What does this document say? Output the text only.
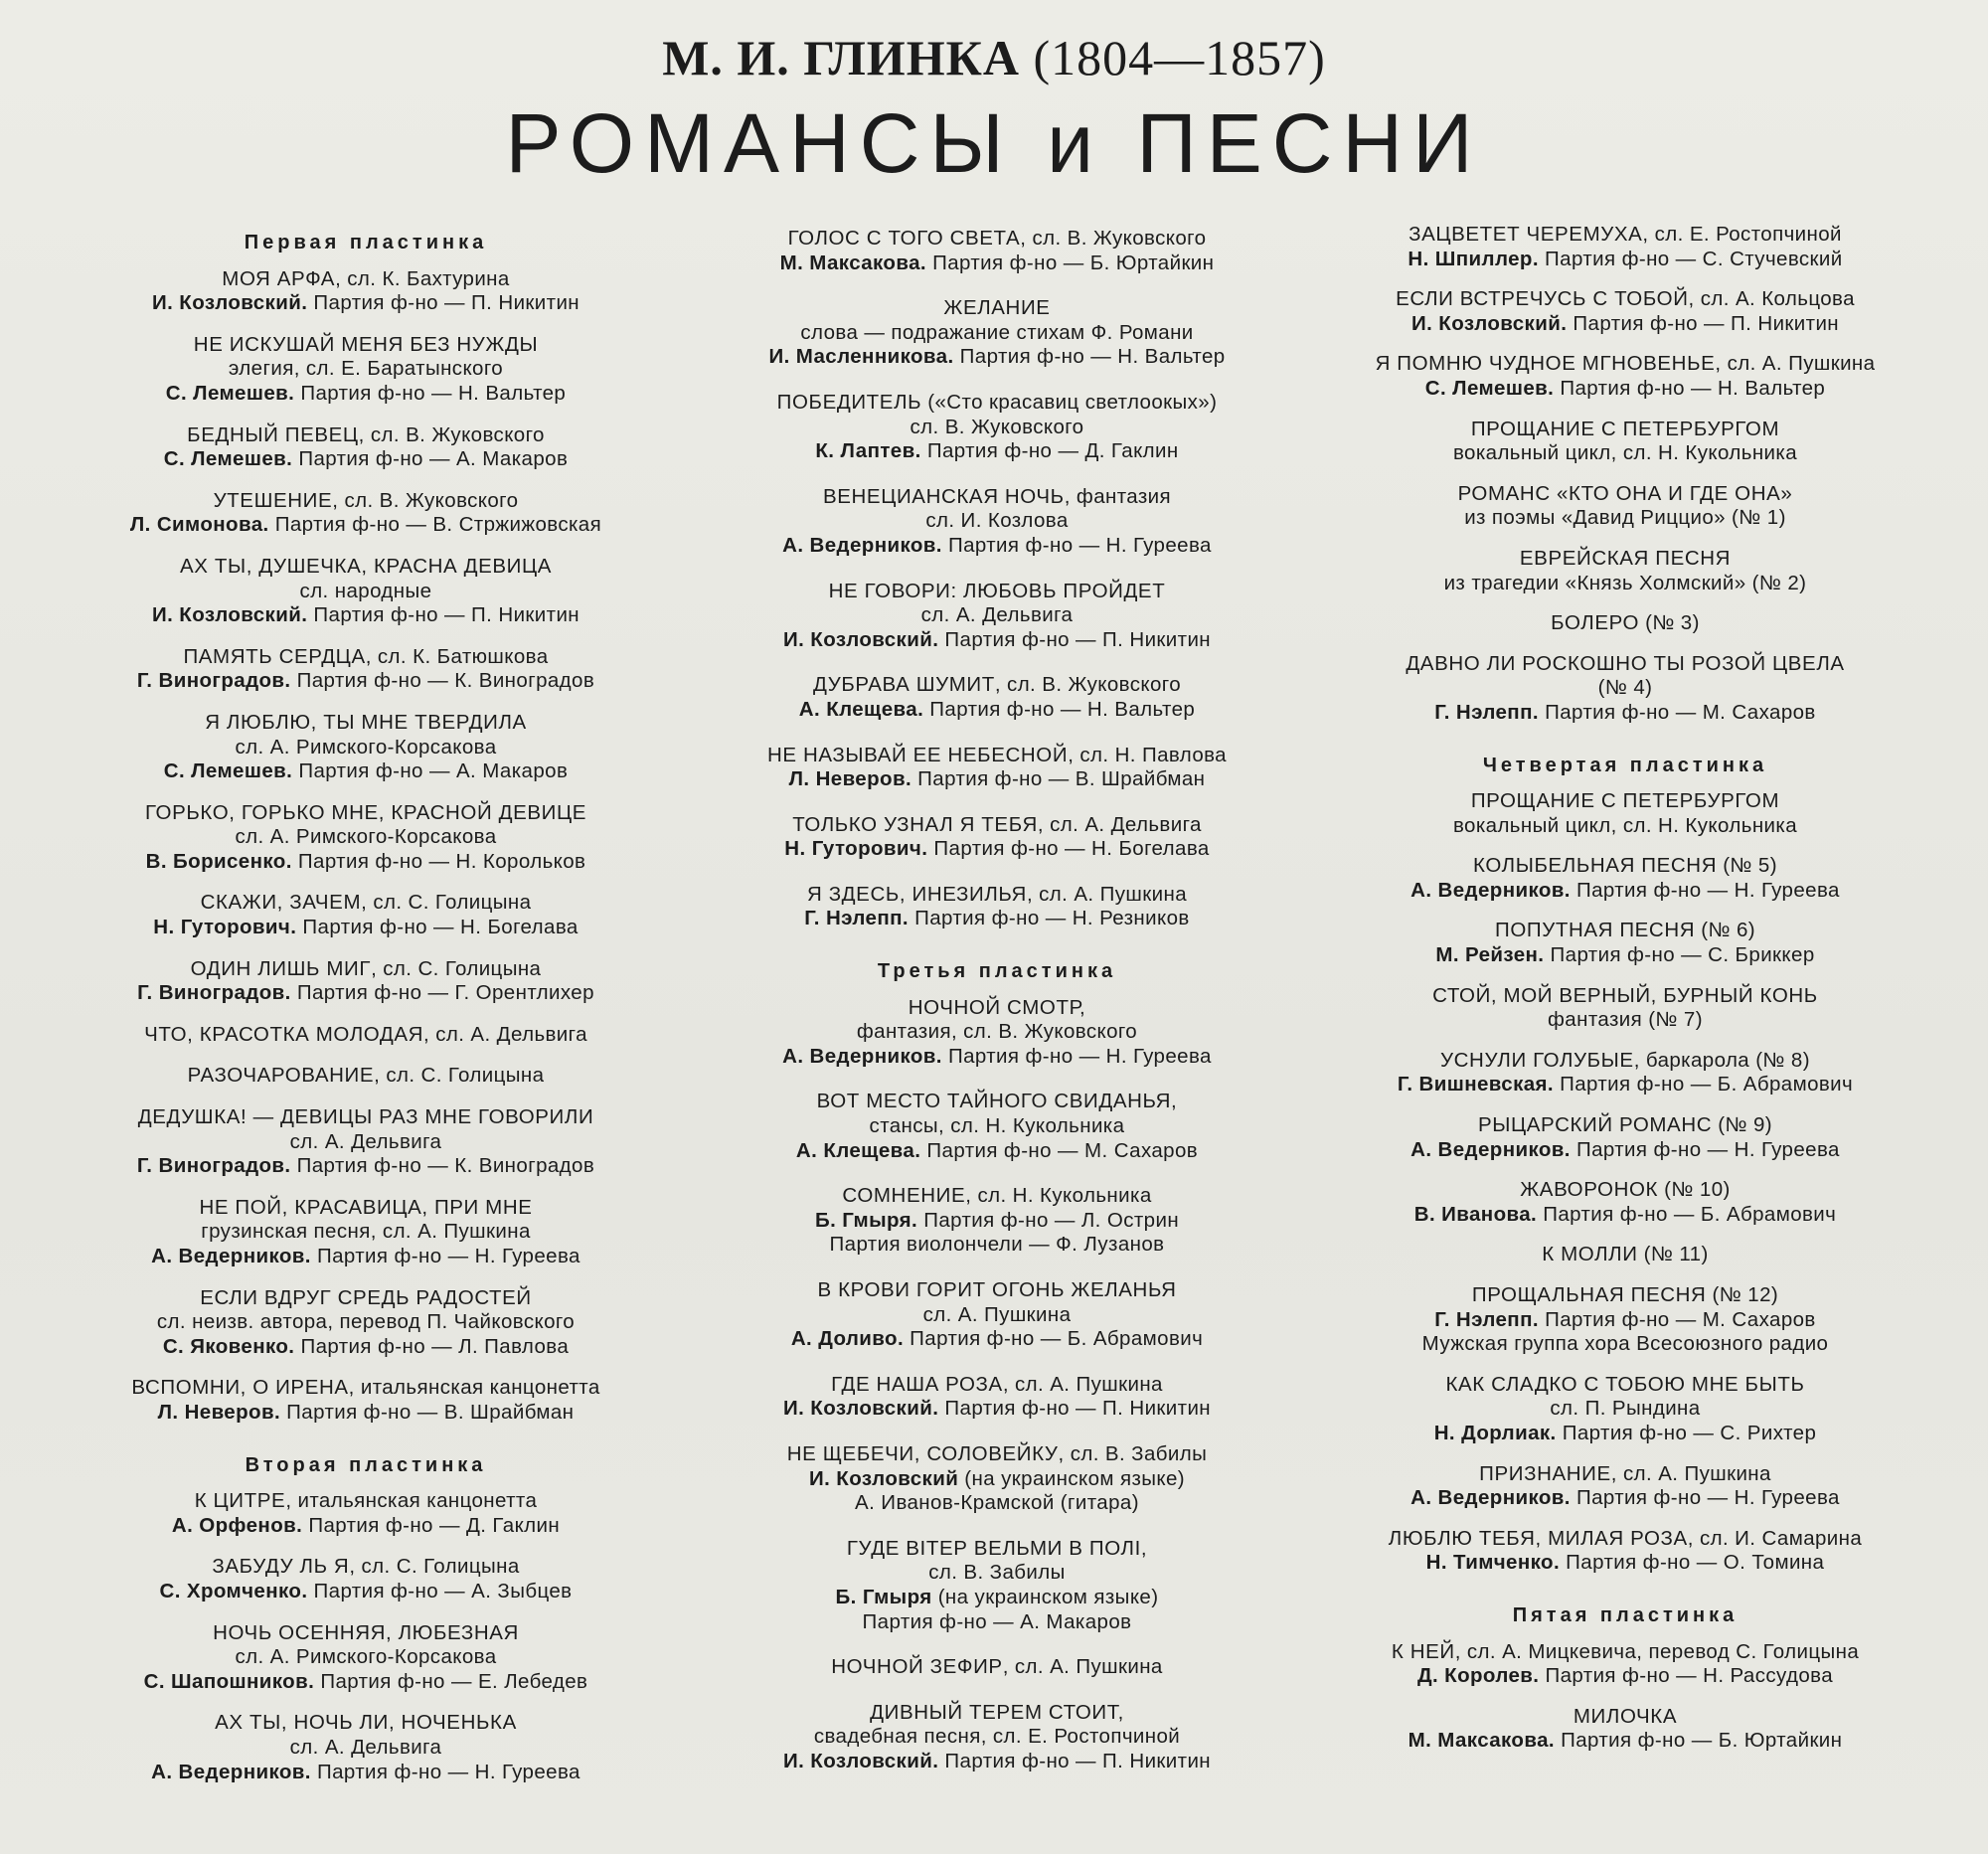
М. И. ГЛИНКА (1804—1857)
РОМАНСЫ и ПЕСНИ
Первая пластинка
МОЯ АРФА, сл. К. Бахтурина
И. Козловский. Партия ф-но — П. Никитин
НЕ ИСКУШАЙ МЕНЯ БЕЗ НУЖДЫ
элегия, сл. Е. Баратынского
С. Лемешев. Партия ф-но — Н. Вальтер
БЕДНЫЙ ПЕВЕЦ, сл. В. Жуковского
С. Лемешев. Партия ф-но — А. Макаров
УТЕШЕНИЕ, сл. В. Жуковского
Л. Симонова. Партия ф-но — В. Стржижовская
АХ ТЫ, ДУШЕЧКА, КРАСНА ДЕВИЦА
сл. народные
И. Козловский. Партия ф-но — П. Никитин
ПАМЯТЬ СЕРДЦА, сл. К. Батюшкова
Г. Виноградов. Партия ф-но — К. Виноградов
Я ЛЮБЛЮ, ТЫ МНЕ ТВЕРДИЛА
сл. А. Римского-Корсакова
С. Лемешев. Партия ф-но — А. Макаров
ГОРЬКО, ГОРЬКО МНЕ, КРАСНОЙ ДЕВИЦЕ
сл. А. Римского-Корсакова
В. Борисенко. Партия ф-но — Н. Корольков
СКАЖИ, ЗАЧЕМ, сл. С. Голицына
Н. Гуторович. Партия ф-но — Н. Богелава
ОДИН ЛИШЬ МИГ, сл. С. Голицына
Г. Виноградов. Партия ф-но — Г. Орентлихер
ЧТО, КРАСОТКА МОЛОДАЯ, сл. А. Дельвига
РАЗОЧАРОВАНИЕ, сл. С. Голицына
ДЕДУШКА! — ДЕВИЦЫ РАЗ МНЕ ГОВОРИЛИ
сл. А. Дельвига
Г. Виноградов. Партия ф-но — К. Виноградов
НЕ ПОЙ, КРАСАВИЦА, ПРИ МНЕ
грузинская песня, сл. А. Пушкина
А. Ведерников. Партия ф-но — Н. Гуреева
ЕСЛИ ВДРУГ СРЕДЬ РАДОСТЕЙ
сл. неизв. автора, перевод П. Чайковского
С. Яковенко. Партия ф-но — Л. Павлова
ВСПОМНИ, О ИРЕНА, итальянская канцонетта
Л. Неверов. Партия ф-но — В. Шрайбман
Вторая пластинка
К ЦИТРЕ, итальянская канцонетта
А. Орфенов. Партия ф-но — Д. Гаклин
ЗАБУДУ ЛЬ Я, сл. С. Голицына
С. Хромченко. Партия ф-но — А. Зыбцев
НОЧЬ ОСЕННЯЯ, ЛЮБЕЗНАЯ
сл. А. Римского-Корсакова
С. Шапошников. Партия ф-но — Е. Лебедев
АХ ТЫ, НОЧЬ ЛИ, НОЧЕНЬКА
сл. А. Дельвига
А. Ведерников. Партия ф-но — Н. Гуреева
ГОЛОС С ТОГО СВЕТА, сл. В. Жуковского
М. Максакова. Партия ф-но — Б. Юртайкин
ЖЕЛАНИЕ
слова — подражание стихам Ф. Романи
И. Масленникова. Партия ф-но — Н. Вальтер
ПОБЕДИТЕЛЬ («Сто красавиц светлоокых»)
сл. В. Жуковского
К. Лаптев. Партия ф-но — Д. Гаклин
ВЕНЕЦИАНСКАЯ НОЧЬ, фантазия
сл. И. Козлова
А. Ведерников. Партия ф-но — Н. Гуреева
НЕ ГОВОРИ: ЛЮБОВЬ ПРОЙДЕТ
сл. А. Дельвига
И. Козловский. Партия ф-но — П. Никитин
ДУБРАВА ШУМИТ, сл. В. Жуковского
А. Клещева. Партия ф-но — Н. Вальтер
НЕ НАЗЫВАЙ ЕЕ НЕБЕСНОЙ, сл. Н. Павлова
Л. Неверов. Партия ф-но — В. Шрайбман
ТОЛЬКО УЗНАЛ Я ТЕБЯ, сл. А. Дельвига
Н. Гуторович. Партия ф-но — Н. Богелава
Я ЗДЕСЬ, ИНЕЗИЛЬЯ, сл. А. Пушкина
Г. Нэлепп. Партия ф-но — Н. Резников
Третья пластинка
НОЧНОЙ СМОТР,
фантазия, сл. В. Жуковского
А. Ведерников. Партия ф-но — Н. Гуреева
ВОТ МЕСТО ТАЙНОГО СВИДАНЬЯ,
стансы, сл. Н. Кукольника
А. Клещева. Партия ф-но — М. Сахаров
СОМНЕНИЕ, сл. Н. Кукольника
Б. Гмыря. Партия ф-но — Л. Острин
Партия виолончели — Ф. Лузанов
В КРОВИ ГОРИТ ОГОНЬ ЖЕЛАНЬЯ
сл. А. Пушкина
А. Доливо. Партия ф-но — Б. Абрамович
ГДЕ НАША РОЗА, сл. А. Пушкина
И. Козловский. Партия ф-но — П. Никитин
НЕ ЩЕБЕЧИ, СОЛОВЕЙКУ, сл. В. Забилы
И. Козловский (на украинском языке)
А. Иванов-Крамской (гитара)
ГУДЕ ВIТЕР ВЕЛЬМИ В ПОЛI,
сл. В. Забилы
Б. Гмыря (на украинском языке)
Партия ф-но — А. Макаров
НОЧНОЙ ЗЕФИР, сл. А. Пушкина
ДИВНЫЙ ТЕРЕМ СТОИТ,
свадебная песня, сл. Е. Ростопчиной
И. Козловский. Партия ф-но — П. Никитин
ЗАЦВЕТЕТ ЧЕРЕМУХА, сл. Е. Ростопчиной
Н. Шпиллер. Партия ф-но — С. Стучевский
ЕСЛИ ВСТРЕЧУСЬ С ТОБОЙ, сл. А. Кольцова
И. Козловский. Партия ф-но — П. Никитин
Я ПОМНЮ ЧУДНОЕ МГНОВЕНЬЕ, сл. А. Пушкина
С. Лемешев. Партия ф-но — Н. Вальтер
ПРОЩАНИЕ С ПЕТЕРБУРГОМ
вокальный цикл, сл. Н. Кукольника
РОМАНС «КТО ОНА И ГДЕ ОНА»
из поэмы «Давид Риццио» (№ 1)
ЕВРЕЙСКАЯ ПЕСНЯ
из трагедии «Князь Холмский» (№ 2)
БОЛЕРО (№ 3)
ДАВНО ЛИ РОСКОШНО ТЫ РОЗОЙ ЦВЕЛА
(№ 4)
Г. Нэлепп. Партия ф-но — М. Сахаров
Четвертая пластинка
ПРОЩАНИЕ С ПЕТЕРБУРГОМ
вокальный цикл, сл. Н. Кукольника
КОЛЫБЕЛЬНАЯ ПЕСНЯ (№ 5)
А. Ведерников. Партия ф-но — Н. Гуреева
ПОПУТНАЯ ПЕСНЯ (№ 6)
М. Рейзен. Партия ф-но — С. Бриккер
СТОЙ, МОЙ ВЕРНЫЙ, БУРНЫЙ КОНЬ
фантазия (№ 7)
УСНУЛИ ГОЛУБЫЕ, баркарола (№ 8)
Г. Вишневская. Партия ф-но — Б. Абрамович
РЫЦАРСКИЙ РОМАНС (№ 9)
А. Ведерников. Партия ф-но — Н. Гуреева
ЖАВОРОНОК (№ 10)
В. Иванова. Партия ф-но — Б. Абрамович
К МОЛЛИ (№ 11)
ПРОЩАЛЬНАЯ ПЕСНЯ (№ 12)
Г. Нэлепп. Партия ф-но — М. Сахаров
Мужская группа хора Всесоюзного радио
КАК СЛАДКО С ТОБОЮ МНЕ БЫТЬ
сл. П. Рындина
Н. Дорлиак. Партия ф-но — С. Рихтер
ПРИЗНАНИЕ, сл. А. Пушкина
А. Ведерников. Партия ф-но — Н. Гуреева
ЛЮБЛЮ ТЕБЯ, МИЛАЯ РОЗА, сл. И. Самарина
Н. Тимченко. Партия ф-но — О. Томина
Пятая пластинка
К НЕЙ, сл. А. Мицкевича, перевод С. Голицына
Д. Королев. Партия ф-но — Н. Рассудова
МИЛОЧКА
М. Максакова. Партия ф-но — Б. Юртайкин
